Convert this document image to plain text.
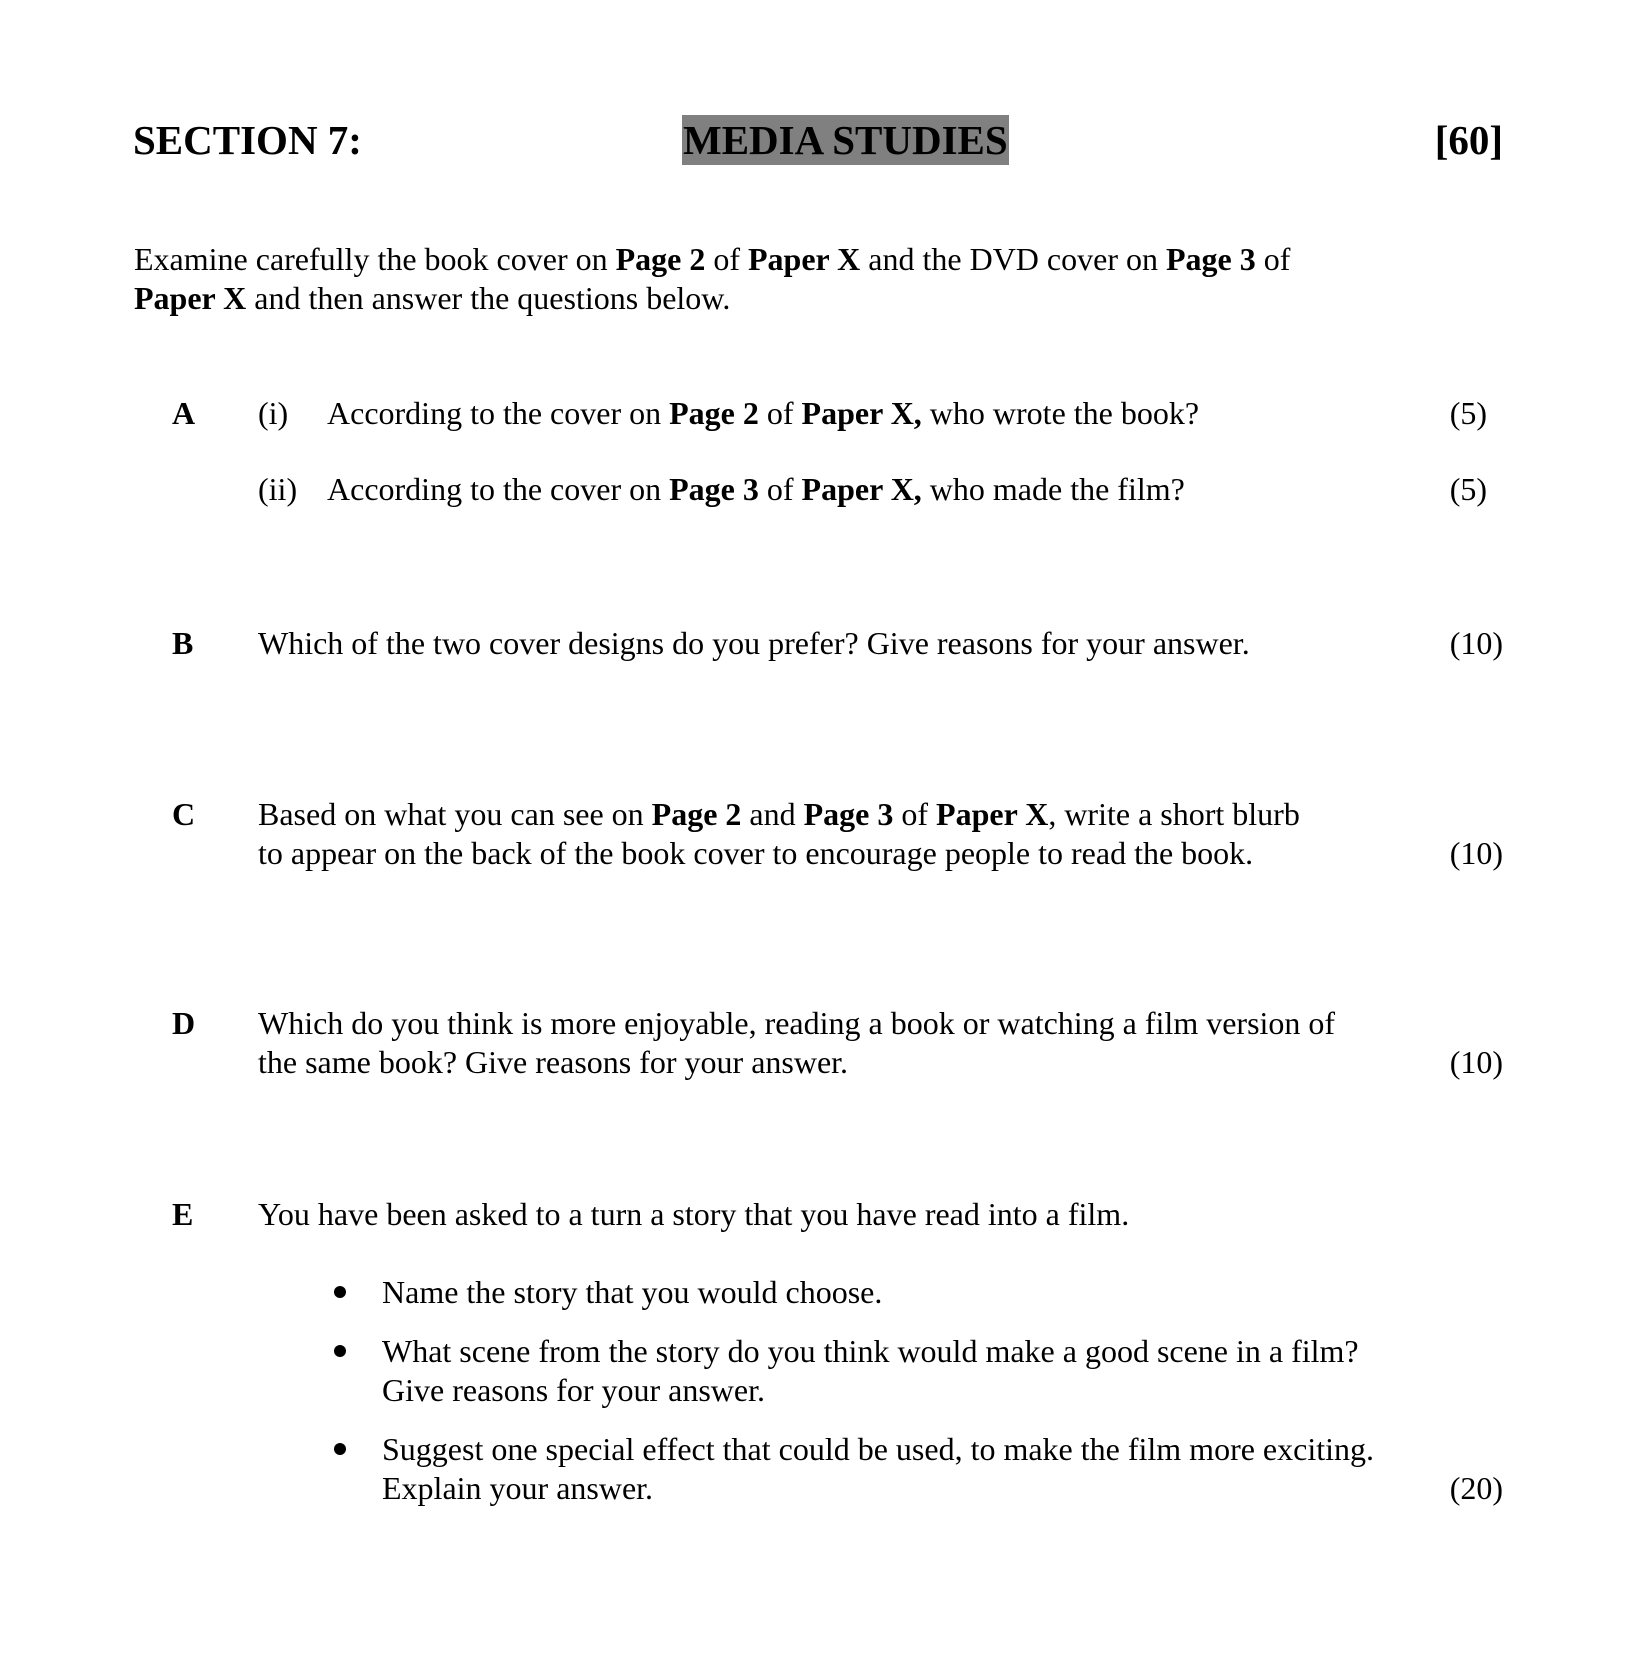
SECTION 7:	MEDIA STUDIES	[60]
Examine carefully the book cover on Page 2 of Paper X and the DVD cover on Page 3 of
Paper X and then answer the questions below.
A (i) According to the cover on Page 2 of Paper X, who wrote the book?	(5)
(ii) According to the cover on Page 3 of Paper X, who made the film?	(5)
B Which of the two cover designs do you prefer? Give reasons for your answer.	(10)
C Based on what you can see on Page 2 and Page 3 of Paper X, write a short blurb
to appear on the back of the book cover to encourage people to read the book.	(10)
D Which do you think is more enjoyable, reading a book or watching a film version of
the same book? Give reasons for your answer.	(10)
E You have been asked to a turn a story that you have read into a film.
Name the story that you would choose.
What scene from the story do you think would make a good scene in a film?
Give reasons for your answer.
Suggest one special effect that could be used, to make the film more exciting.
Explain your answer.	(20)
